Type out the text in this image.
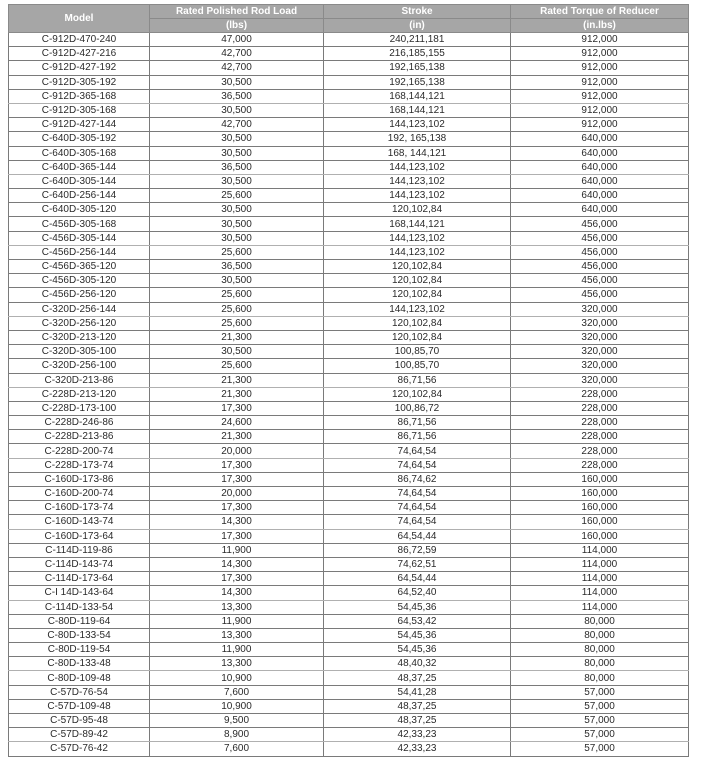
Model	Rated Polished Rod Load	Stroke	Rated Torque of Reducer
	(lbs)	(in)	(in.lbs)
C-912D-470-240	47,000	240,211,181	912,000
C-912D-427-216	42,700	216,185,155	912,000
C-912D-427-192	42,700	192,165,138	912,000
C-912D-305-192	30,500	192,165,138	912,000
C-912D-365-168	36,500	168,144,121	912,000
C-912D-305-168	30,500	168,144,121	912,000
C-912D-427-144	42,700	144,123,102	912,000
C-640D-305-192	30,500	192, 165,138	640,000
C-640D-305-168	30,500	168, 144,121	640,000
C-640D-365-144	36,500	144,123,102	640,000
C-640D-305-144	30,500	144,123,102	640,000
C-640D-256-144	25,600	144,123,102	640,000
C-640D-305-120	30,500	120,102,84	640,000
C-456D-305-168	30,500	168,144,121	456,000
C-456D-305-144	30,500	144,123,102	456,000
C-456D-256-144	25,600	144,123,102	456,000
C-456D-365-120	36,500	120,102,84	456,000
C-456D-305-120	30,500	120,102,84	456,000
C-456D-256-120	25,600	120,102,84	456,000
C-320D-256-144	25,600	144,123,102	320,000
C-320D-256-120	25,600	120,102,84	320,000
C-320D-213-120	21,300	120,102,84	320,000
C-320D-305-100	30,500	100,85,70	320,000
C-320D-256-100	25,600	100,85,70	320,000
C-320D-213-86	21,300	86,71,56	320,000
C-228D-213-120	21,300	120,102,84	228,000
C-228D-173-100	17,300	100,86,72	228,000
C-228D-246-86	24,600	86,71,56	228,000
C-228D-213-86	21,300	86,71,56	228,000
C-228D-200-74	20,000	74,64,54	228,000
C-228D-173-74	17,300	74,64,54	228,000
C-160D-173-86	17,300	86,74,62	160,000
C-160D-200-74	20,000	74,64,54	160,000
C-160D-173-74	17,300	74,64,54	160,000
C-160D-143-74	14,300	74,64,54	160,000
C-160D-173-64	17,300	64,54,44	160,000
C-114D-119-86	11,900	86,72,59	114,000
C-114D-143-74	14,300	74,62,51	114,000
C-114D-173-64	17,300	64,54,44	114,000
C-I 14D-143-64	14,300	64,52,40	114,000
C-114D-133-54	13,300	54,45,36	114,000
C-80D-119-64	11,900	64,53,42	80,000
C-80D-133-54	13,300	54,45,36	80,000
C-80D-119-54	11,900	54,45,36	80,000
C-80D-133-48	13,300	48,40,32	80,000
C-80D-109-48	10,900	48,37,25	80,000
C-57D-76-54	7,600	54,41,28	57,000
C-57D-109-48	10,900	48,37,25	57,000
C-57D-95-48	9,500	48,37,25	57,000
C-57D-89-42	8,900	42,33,23	57,000
C-57D-76-42	7,600	42,33,23	57,000
